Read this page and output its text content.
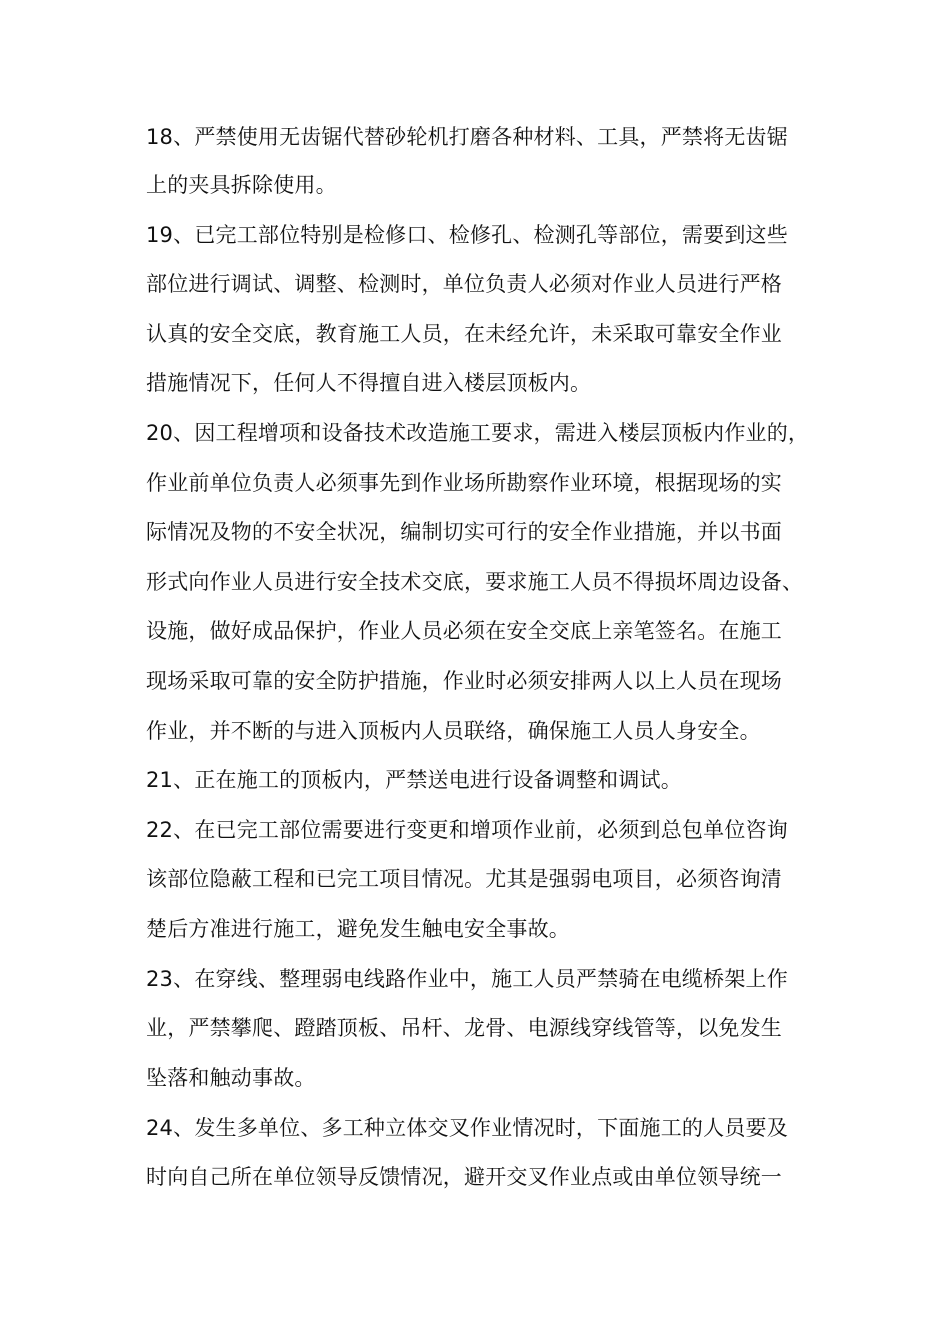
18、严禁使用无齿锯代替砂轮机打磨各种材料、工具，严禁将无齿锯
上的夹具拆除使用。
19、已完工部位特别是检修口、检修孔、检测孔等部位，需要到这些
部位进行调试、调整、检测时，单位负责人必须对作业人员进行严格
认真的安全交底，教育施工人员，在未经允许，未采取可靠安全作业
措施情况下，任何人不得擅自进入楼层顶板内。
20、因工程增项和设备技术改造施工要求，需进入楼层顶板内作业的，
作业前单位负责人必须事先到作业场所勘察作业环境，根据现场的实
际情况及物的不安全状况，编制切实可行的安全作业措施，并以书面
形式向作业人员进行安全技术交底，要求施工人员不得损坏周边设备、
设施，做好成品保护，作业人员必须在安全交底上亲笔签名。在施工
现场采取可靠的安全防护措施，作业时必须安排两人以上人员在现场
作业，并不断的与进入顶板内人员联络，确保施工人员人身安全。
21、正在施工的顶板内，严禁送电进行设备调整和调试。
22、在已完工部位需要进行变更和增项作业前，必须到总包单位咨询
该部位隐蔽工程和已完工项目情况。尤其是强弱电项目，必须咨询清
楚后方准进行施工，避免发生触电安全事故。
23、在穿线、整理弱电线路作业中，施工人员严禁骑在电缆桥架上作
业，严禁攀爬、蹬踏顶板、吊杆、龙骨、电源线穿线管等，以免发生
坠落和触动事故。
24、发生多单位、多工种立体交叉作业情况时，下面施工的人员要及
时向自己所在单位领导反馈情况，避开交叉作业点或由单位领导统一
